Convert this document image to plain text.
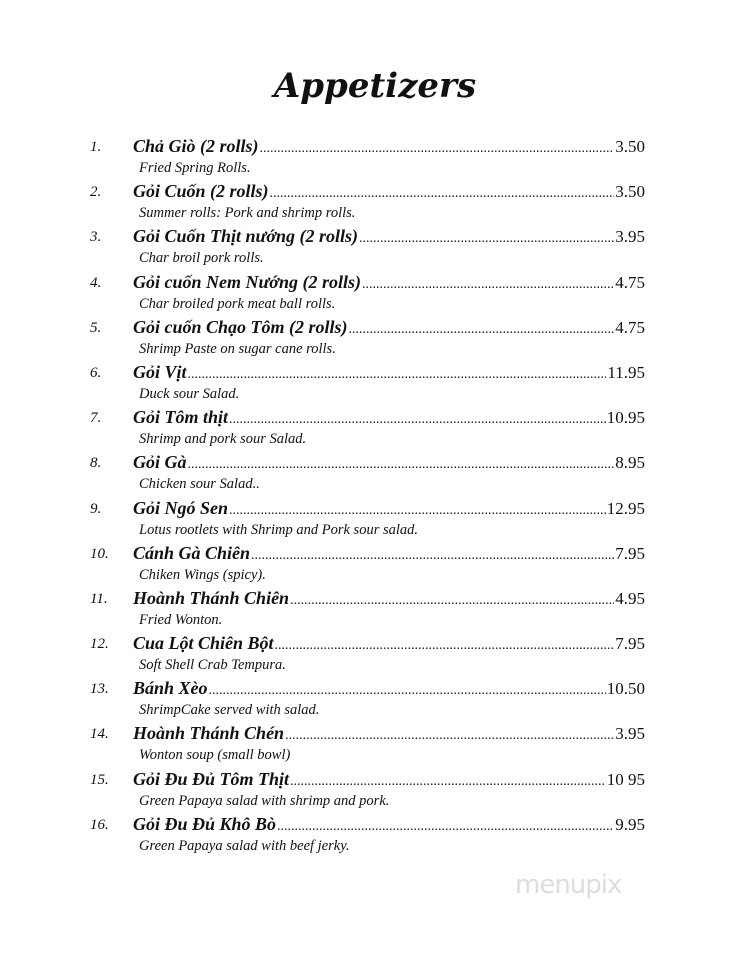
Appetizers
1.	Chả Giò (2 rolls) .....	3.50
Fried Spring Rolls.
2.	Gỏi Cuốn (2 rolls) .....	3.50
Summer rolls: Pork and shrimp rolls.
3.	Gỏi Cuốn Thịt nướng (2 rolls) .....	3.95
Char broil pork rolls.
4.	Gỏi cuốn Nem Nướng (2 rolls) .....	4.75
Char broiled pork meat ball rolls.
5.	Gỏi cuốn Chạo Tôm (2 rolls) .....	4.75
Shrimp Paste on sugar cane rolls.
6.	Gỏi Vịt .....	11.95
Duck sour Salad.
7.	Gỏi Tôm thịt .....	10.95
Shrimp and pork sour Salad.
8.	Gỏi Gà .....	8.95
Chicken sour Salad..
9.	Gỏi Ngó Sen .....	12.95
Lotus rootlets with Shrimp and Pork sour salad.
10.	Cánh Gà Chiên .....	7.95
Chiken Wings (spicy).
11.	Hoành Thánh Chiên .....	4.95
Fried Wonton.
12.	Cua Lột Chiên Bột .....	7.95
Soft Shell Crab Tempura.
13.	Bánh Xèo .....	10.50
ShrimpCake served with salad.
14.	Hoành Thánh Chén .....	3.95
Wonton soup (small bowl)
15.	Gỏi Đu Đủ Tôm Thịt .....	10 95
Green Papaya salad with shrimp and pork.
16.	Gỏi Đu Đủ Khô Bò .....	9.95
Green Papaya salad with beef jerky.
menupix
